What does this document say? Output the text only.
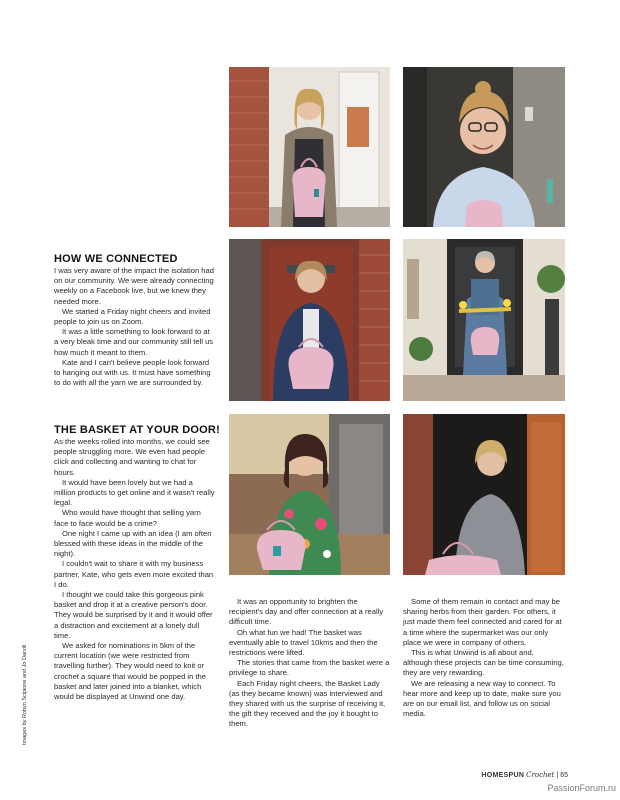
HOW WE CONNECTED

I was very aware of the impact the isolation had on our community. We were already connecting weekly on a Facebook live, but we knew they needed more.

We started a Friday night cheers and invited people to join us on Zoom.

It was a little something to look forward to at a very bleak time and our community still tell us how much it meant to them.

Kate and I can't believe people look forward to hanging out with us. It must have something to do with all the yarn we are surrounded by.

THE BASKET AT YOUR DOOR!

As the weeks rolled into months, we could see people struggling more. We even had people click and collecting and wanting to chat for hours.

It would have been lovely but we had a million products to get online and it wasn't really legal.

Who would have thought that selling yarn face to face would be a crime?

One night I came up with an idea (I am often blessed with these ideas in the middle of the night).

I couldn't wait to share it with my business partner, Kate, who gets even more excited than I do.

I thought we could take this gorgeous pink basket and drop it at a creative person's door. They would be surprised by it and it would offer a distraction and excitement at a lonely dull time.

We asked for nominations in 5km of the current location (we were restricted from travelling further). They would need to knit or crochet a square that would be popped in the basket and later joined into a blanket, which would be displayed at Unwind one day.

It was an opportunity to brighten the recipient's day and offer connection at a really difficult time.

Oh what fun we had! The basket was eventually able to travel 10kms and then the restrictions were lifted.

The stories that came from the basket were a privilege to share.

Each Friday night cheers, the Basket Lady (as they became known) was interviewed and they shared with us the surprise of receiving it, the gift they received and the joy it bought to them.

Some of them remain in contact and may be sharing herbs from their garden. For others, it just made them feel connected and cared for at a time where the supermarket was our only place we were in company of others.

This is what Unwind is all about and, although these projects can be time consuming, they are very rewarding.

We are releasing a new way to connect. To hear more and keep up to date, make sure you are on our email list, and follow us on social media.

Images by Robyn Scipione and Jo Darvill
HOMESPUN Crochet | 65
PassionForum.ru
